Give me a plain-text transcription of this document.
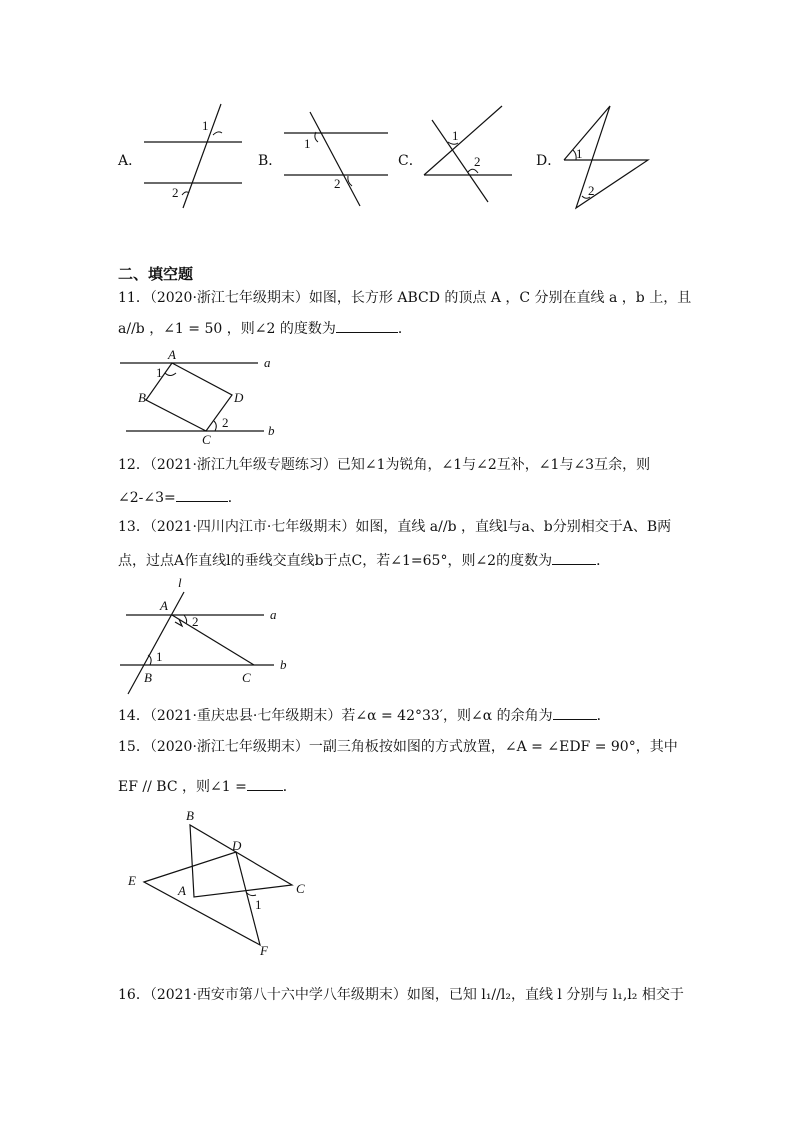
A．
1
2
B．
1
2
C．
1
2	D． 1
2
二、填空题
11．（2020·浙江七年级期末）如图，长方形 ABCD 的顶点 A ，C 分别在直线 a ，b 上，且
a//b ，∠1 = 50 ，则∠2 的度数为	．
A
1
B	D
2
C
a
b
12．（2021·浙江九年级专题练习）已知∠1为锐角，∠1与∠2互补，∠1与∠3互余，则
∠2-∠3=	．
13．（2021·四川内江市·七年级期末）如图，直线 a//b ，直线l与a、b分别相交于A、B两
点，过点A作直线l的垂线交直线b于点C，若∠1=65°，则∠2的度数为	．
l
A
2
1
B	C
a
b
14．（2021·重庆忠县·七年级期末）若∠α = 42°33′，则∠α 的余角为	．
15．（2020·浙江七年级期末）一副三角板按如图的方式放置，∠A = ∠EDF = 90°，其中
EF // BC ，则∠1 =	．
B
D
E
A	C
1
F
16．（2021·西安市第八十六中学八年级期末）如图，已知 l₁//l₂，直线 l 分别与 l₁,l₂ 相交于
